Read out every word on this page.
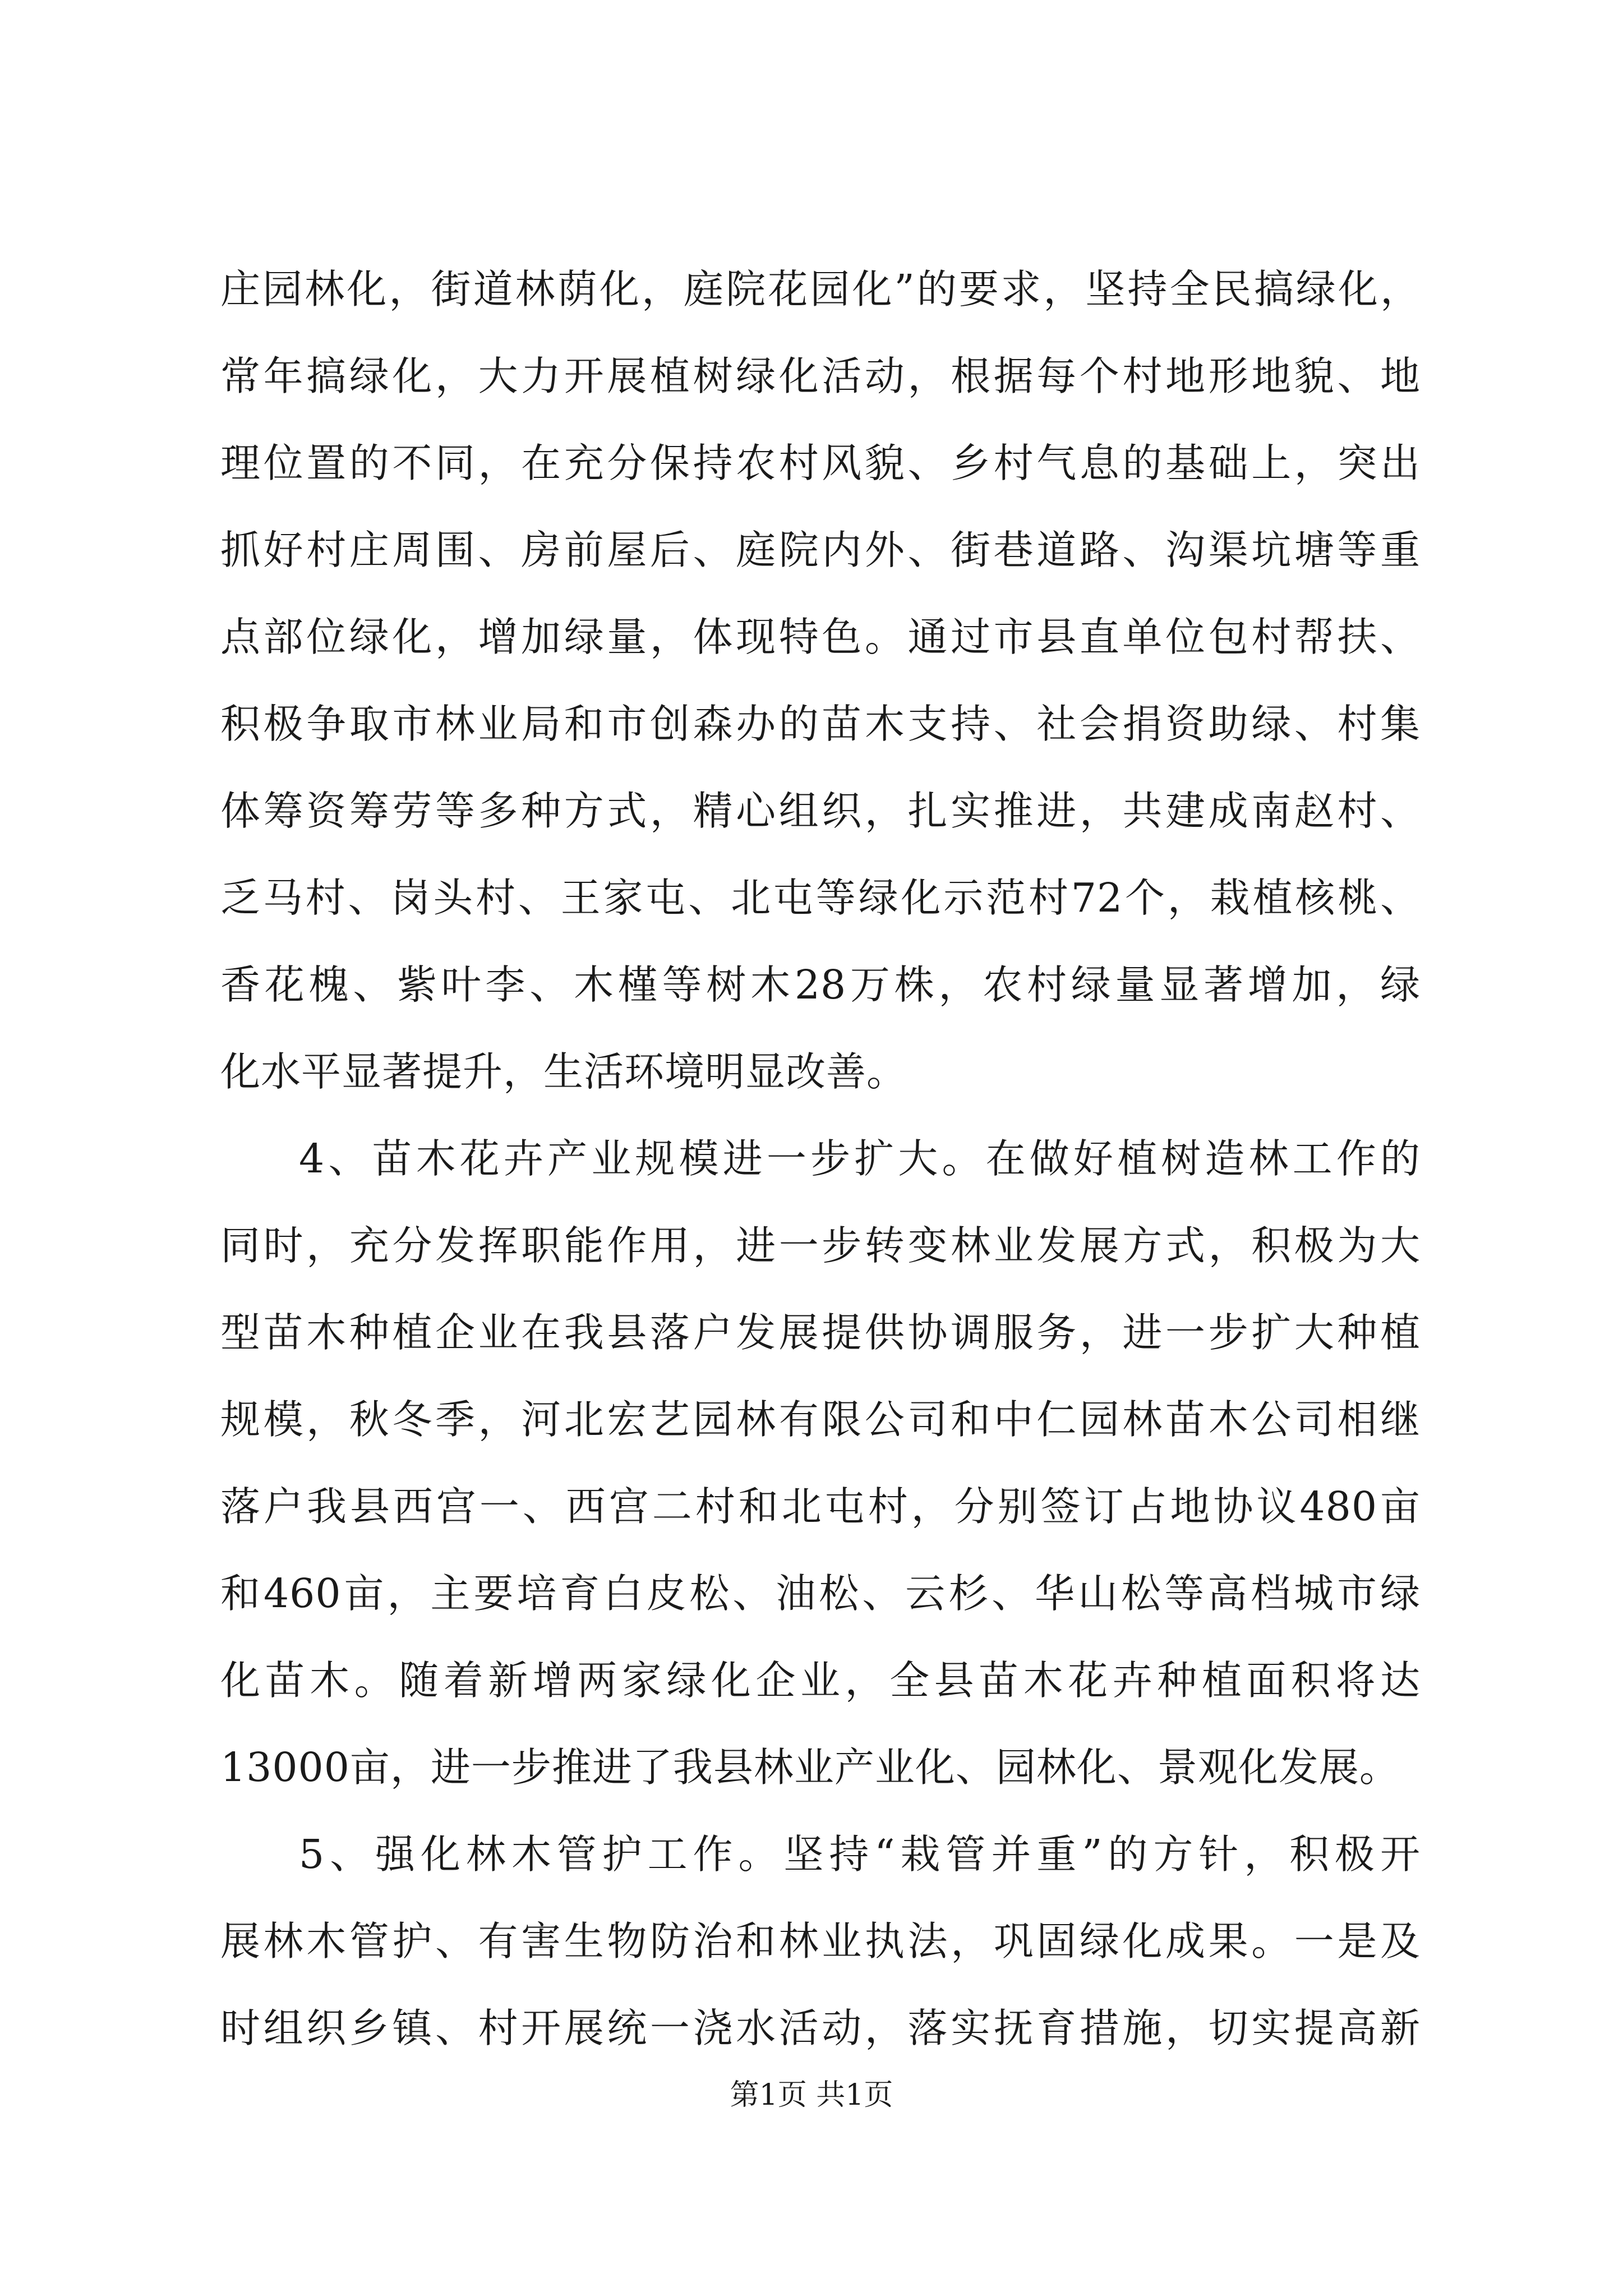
庄园林化，街道林荫化，庭院花园化”的要求，坚持全民搞绿化，
常年搞绿化，大力开展植树绿化活动，根据每个村地形地貌、地
理位置的不同，在充分保持农村风貌、乡村气息的基础上，突出
抓好村庄周围、房前屋后、庭院内外、街巷道路、沟渠坑塘等重
点部位绿化，增加绿量，体现特色。通过市县直单位包村帮扶、
积极争取市林业局和市创森办的苗木支持、社会捐资助绿、村集
体筹资筹劳等多种方式，精心组织，扎实推进，共建成南赵村、
乏马村、岗头村、王家屯、北屯等绿化示范村72个，栽植核桃、
香花槐、紫叶李、木槿等树木28万株，农村绿量显著增加，绿
化水平显著提升，生活环境明显改善。
4、苗木花卉产业规模进一步扩大。在做好植树造林工作的
同时，充分发挥职能作用，进一步转变林业发展方式，积极为大
型苗木种植企业在我县落户发展提供协调服务，进一步扩大种植
规模，秋冬季，河北宏艺园林有限公司和中仁园林苗木公司相继
落户我县西宫一、西宫二村和北屯村，分别签订占地协议480亩
和460亩，主要培育白皮松、油松、云杉、华山松等高档城市绿
化苗木。随着新增两家绿化企业，全县苗木花卉种植面积将达
13000亩，进一步推进了我县林业产业化、园林化、景观化发展。
5、强化林木管护工作。坚持“栽管并重”的方针，积极开
展林木管护、有害生物防治和林业执法，巩固绿化成果。一是及
时组织乡镇、村开展统一浇水活动，落实抚育措施，切实提高新
第1页 共1页
